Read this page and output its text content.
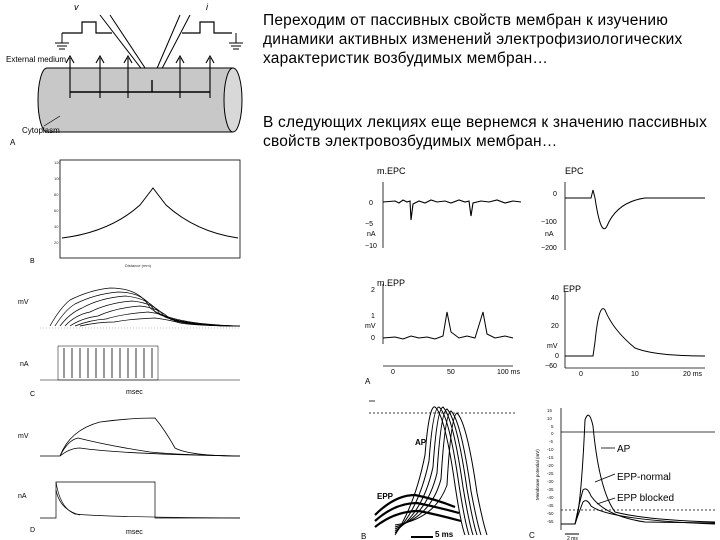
Переходим от пассивных свойств мембран к изучению динамики активных изменений электрофизиологических характеристик возбудимых мембран…
В следующих лекциях еще вернемся к значению пассивных свойств электровозбудимых мембран…
v	i
External medium
Cytoplasm
A
120
100
80
60
40
20
Distance (mm)
B
mV
nA
msec
C
mV
nA
msec
D
m.EPC
0
−5
nA
−10
EPC
0
−100
nA
−200
m.EPP
2
1
mV
0
0	50	100 ms
A
EPP
40
20
mV
0
−60
0	10	20 ms
AP
EPP
5 ms
B
15
10
5
0
-5
-10
-15
-20
-25
-30
-35
-40
-45
-50
-55
Membrane potential (mV)	AP
EPP-normal
EPP blocked
2 ms
C
